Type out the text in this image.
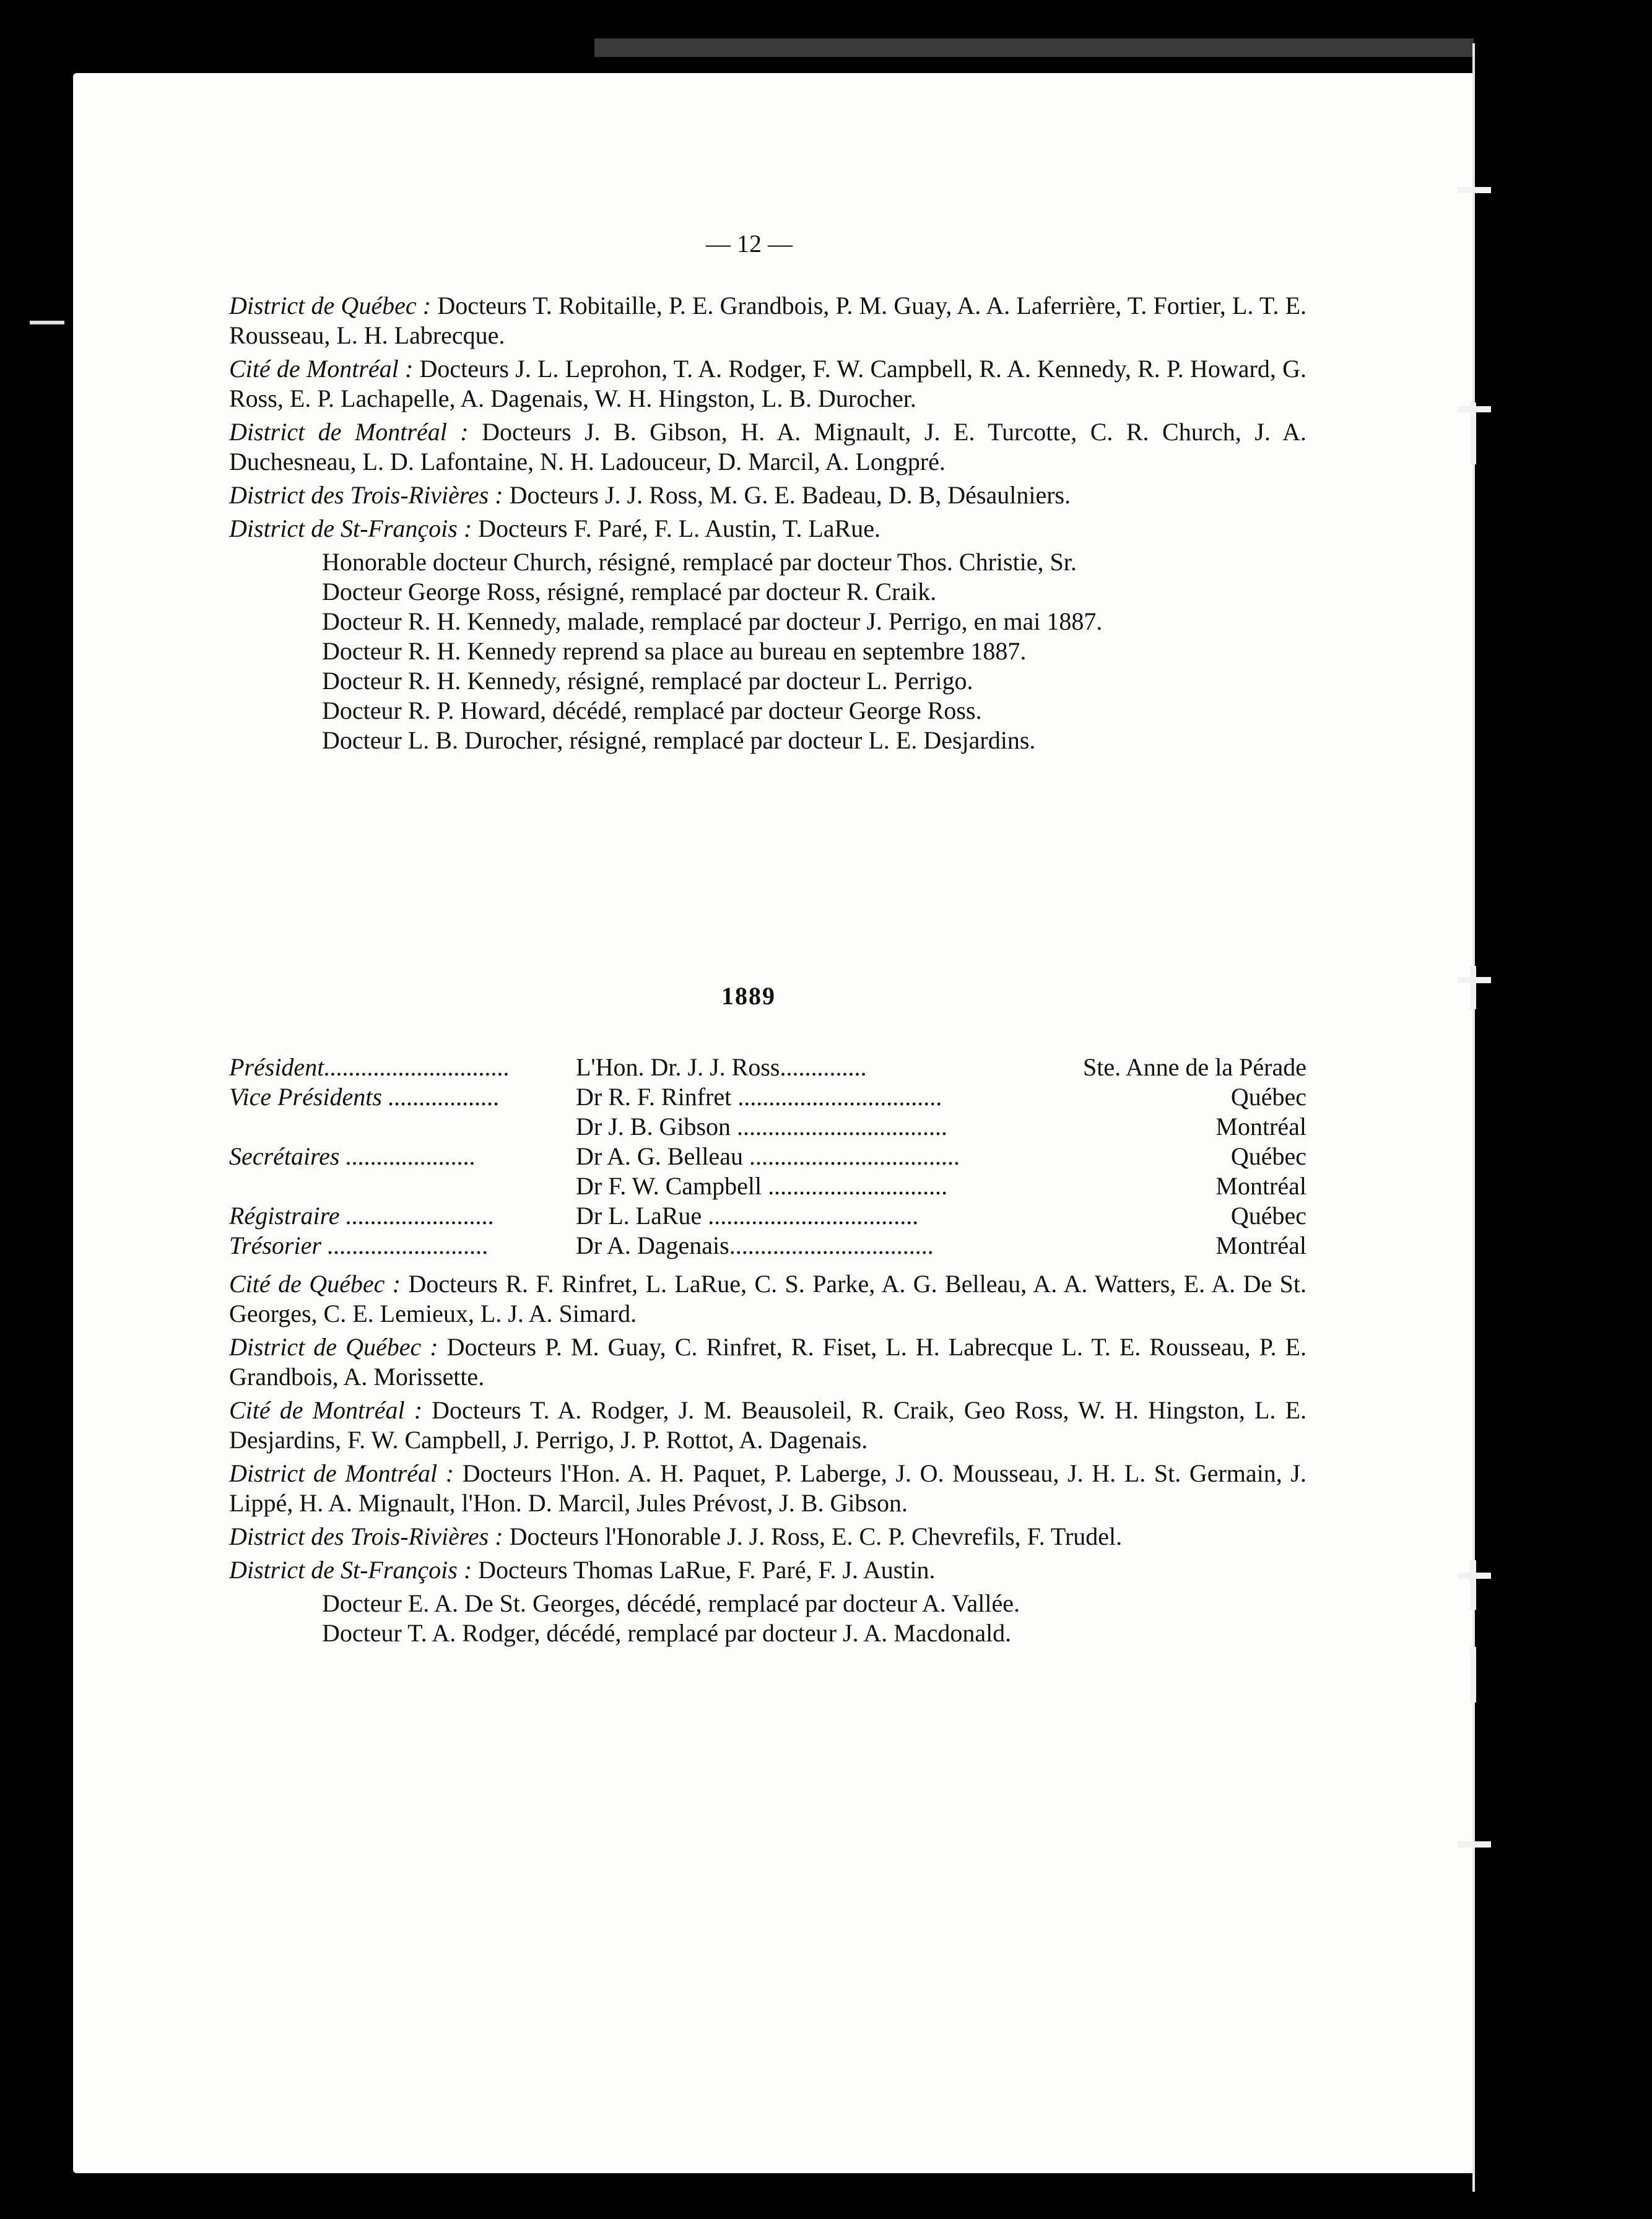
— 12 —
District de Québec : Docteurs T. Robitaille, P. E. Grandbois, P. M. Guay, A. A. Laferrière, T. Fortier, L. T. E. Rousseau, L. H. Labrecque.
Cité de Montréal : Docteurs J. L. Leprohon, T. A. Rodger, F. W. Campbell, R. A. Kennedy, R. P. Howard, G. Ross, E. P. Lachapelle, A. Dagenais, W. H. Hingston, L. B. Durocher.
District de Montréal : Docteurs J. B. Gibson, H. A. Mignault, J. E. Turcotte, C. R. Church, J. A. Duchesneau, L. D. Lafontaine, N. H. Ladouceur, D. Marcil, A. Longpré.
District des Trois-Rivières : Docteurs J. J. Ross, M. G. E. Badeau, D. B, Désaulniers.
District de St-François : Docteurs F. Paré, F. L. Austin, T. LaRue.
Honorable docteur Church, résigné, remplacé par docteur Thos. Christie, Sr.
Docteur George Ross, résigné, remplacé par docteur R. Craik.
Docteur R. H. Kennedy, malade, remplacé par docteur J. Perrigo, en mai 1887.
Docteur R. H. Kennedy reprend sa place au bureau en septembre 1887.
Docteur R. H. Kennedy, résigné, remplacé par docteur L. Perrigo.
Docteur R. P. Howard, décédé, remplacé par docteur George Ross.
Docteur L. B. Durocher, résigné, remplacé par docteur L. E. Desjardins.
1889
Président..............................	L'Hon. Dr. J. J. Ross..............	Ste. Anne de la Pérade
Vice Présidents ..................	Dr R. F. Rinfret .................................	Québec
	Dr J. B. Gibson ..................................	Montréal
Secrétaires .....................	Dr A. G. Belleau ..................................	Québec
	Dr F. W. Campbell .............................	Montréal
Régistraire ........................	Dr L. LaRue ..................................	Québec
Trésorier ..........................	Dr A. Dagenais.................................	Montréal
Cité de Québec : Docteurs R. F. Rinfret, L. LaRue, C. S. Parke, A. G. Belleau, A. A. Watters, E. A. De St. Georges, C. E. Lemieux, L. J. A. Simard.
District de Québec : Docteurs P. M. Guay, C. Rinfret, R. Fiset, L. H. Labrecque L. T. E. Rousseau, P. E. Grandbois, A. Morissette.
Cité de Montréal : Docteurs T. A. Rodger, J. M. Beausoleil, R. Craik, Geo Ross, W. H. Hingston, L. E. Desjardins, F. W. Campbell, J. Perrigo, J. P. Rottot, A. Dagenais.
District de Montréal : Docteurs l'Hon. A. H. Paquet, P. Laberge, J. O. Mousseau, J. H. L. St. Germain, J. Lippé, H. A. Mignault, l'Hon. D. Marcil, Jules Prévost, J. B. Gibson.
District des Trois-Rivières : Docteurs l'Honorable J. J. Ross, E. C. P. Chevrefils, F. Trudel.
District de St-François : Docteurs Thomas LaRue, F. Paré, F. J. Austin.
Docteur E. A. De St. Georges, décédé, remplacé par docteur A. Vallée.
Docteur T. A. Rodger, décédé, remplacé par docteur J. A. Macdonald.
